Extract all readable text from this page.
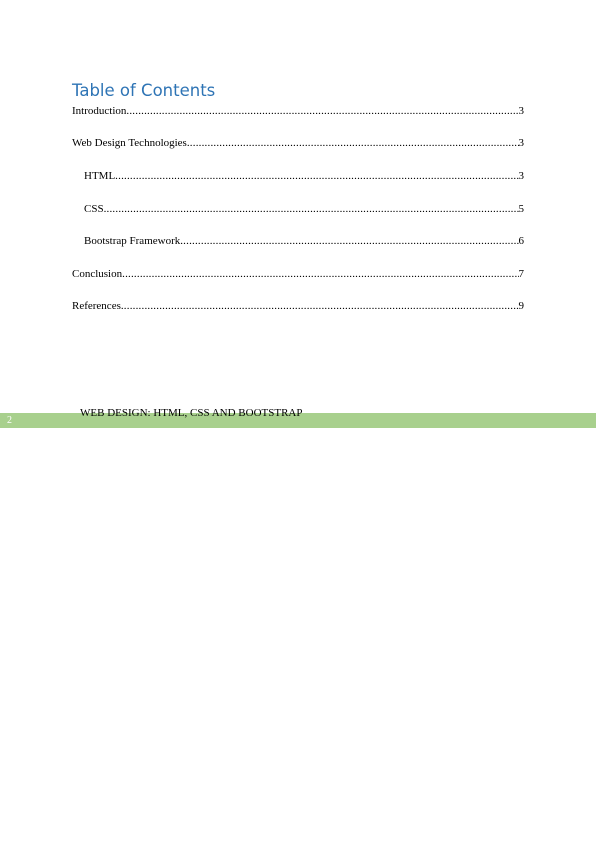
Table of Contents
Introduction .....	3
Web Design Technologies .....	3
HTML .....	3
CSS .....	5
Bootstrap Framework .....	6
Conclusion .....	7
References .....	9
2
WEB DESIGN: HTML, CSS AND BOOTSTRAP
